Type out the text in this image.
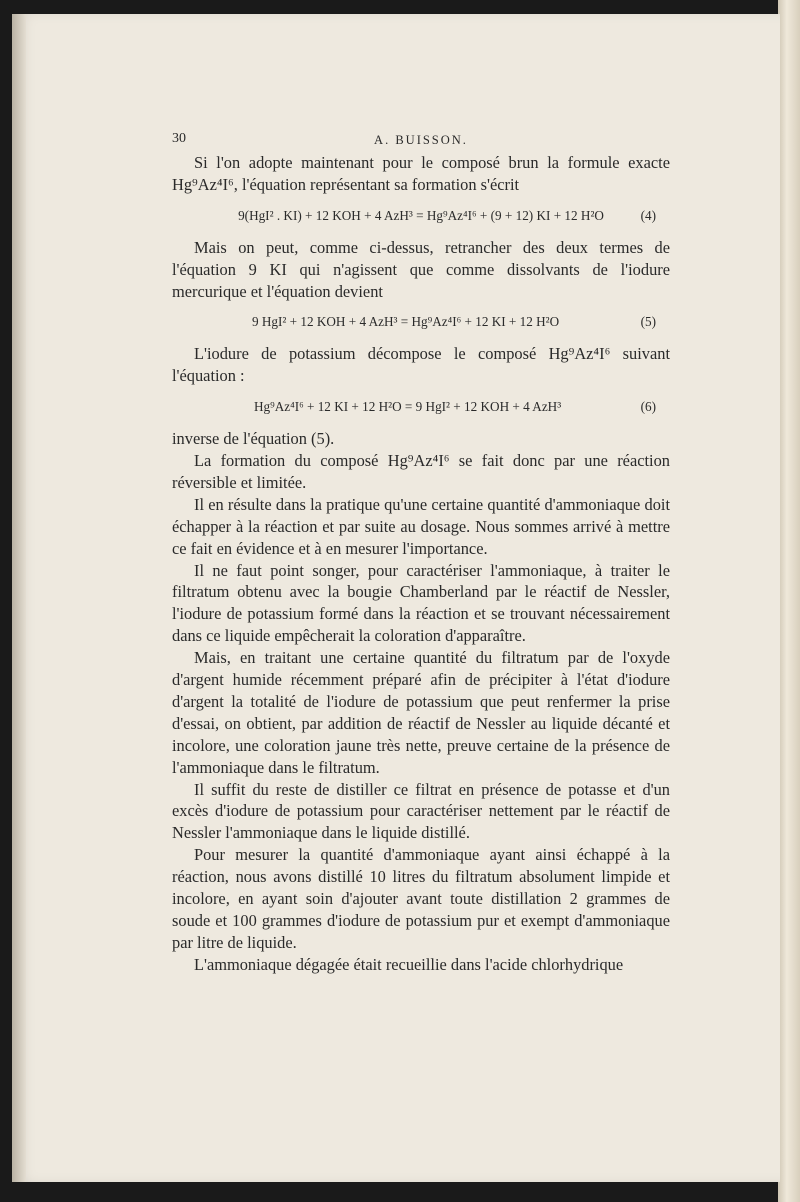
30	A. BUISSON.

Si l'on adopte maintenant pour le composé brun la formule exacte Hg⁹Az⁴I⁶, l'équation représentant sa formation s'écrit

9(HgI² . KI) + 12 KOH + 4 AzH³ = Hg⁹Az⁴I⁶ + (9 + 12) KI + 12 H²O	(4)

Mais on peut, comme ci-dessus, retrancher des deux termes de l'équation 9 KI qui n'agissent que comme dissolvants de l'iodure mercurique et l'équation devient

9 HgI² + 12 KOH + 4 AzH³ = Hg⁹Az⁴I⁶ + 12 KI + 12 H²O	(5)

L'iodure de potassium décompose le composé Hg⁹Az⁴I⁶ suivant l'équation :

Hg⁹Az⁴I⁶ + 12 KI + 12 H²O = 9 HgI² + 12 KOH + 4 AzH³	(6)

inverse de l'équation (5).

La formation du composé Hg⁹Az⁴I⁶ se fait donc par une réaction réversible et limitée.

Il en résulte dans la pratique qu'une certaine quantité d'ammoniaque doit échapper à la réaction et par suite au dosage. Nous sommes arrivé à mettre ce fait en évidence et à en mesurer l'importance.

Il ne faut point songer, pour caractériser l'ammoniaque, à traiter le filtratum obtenu avec la bougie Chamberland par le réactif de Nessler, l'iodure de potassium formé dans la réaction et se trouvant nécessairement dans ce liquide empêcherait la coloration d'apparaître.

Mais, en traitant une certaine quantité du filtratum par de l'oxyde d'argent humide récemment préparé afin de précipiter à l'état d'iodure d'argent la totalité de l'iodure de potassium que peut renfermer la prise d'essai, on obtient, par addition de réactif de Nessler au liquide décanté et incolore, une coloration jaune très nette, preuve certaine de la présence de l'ammoniaque dans le filtratum.

Il suffit du reste de distiller ce filtrat en présence de potasse et d'un excès d'iodure de potassium pour caractériser nettement par le réactif de Nessler l'ammoniaque dans le liquide distillé.

Pour mesurer la quantité d'ammoniaque ayant ainsi échappé à la réaction, nous avons distillé 10 litres du filtratum absolument limpide et incolore, en ayant soin d'ajouter avant toute distillation 2 grammes de soude et 100 grammes d'iodure de potassium pur et exempt d'ammoniaque par litre de liquide.

L'ammoniaque dégagée était recueillie dans l'acide chlorhydrique
